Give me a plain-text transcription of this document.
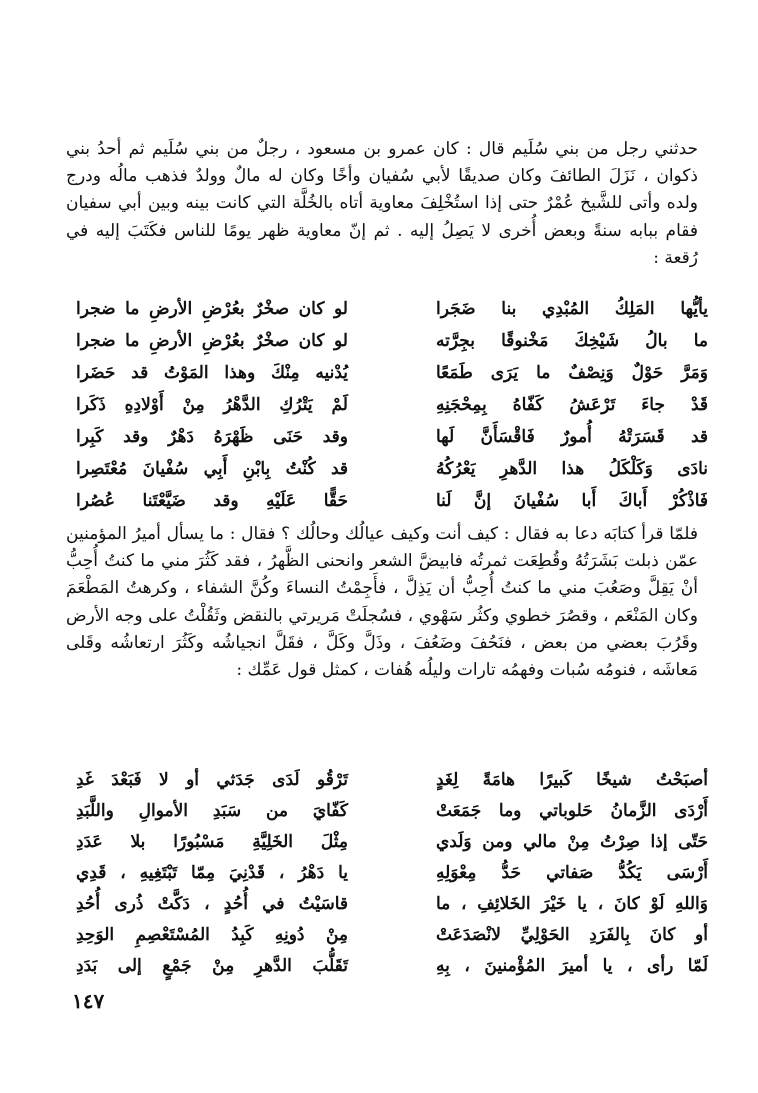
حدثني رجل من بني سُلَيم قال : كان عمرو بن مسعود ، رجلٌ من بني سُلَيم ثم أحدُ بني ذكوان ، نَزَلَ الطائفَ وكان صديقًا لأبي سُفيان وأخًا وكان له مالٌ وولدٌ فذهب مالُه ودرج ولده وأتى للشَّيخ عُمْرٌ حتى إذا استُخْلِفَ معاوية أتاه بالخُلَّة التي كانت بينه وبين أبي سفيان فقام ببابه سنةً وبعض أُخرى لا يَصِلُ إليه . ثم إنّ معاوية ظهر يومًا للناس فكَتَبَ إليه في رُقعة :
يأيُّها المَلِكُ المُبْدِي بنا ضَجَرا
لو كان صخْرٌ بعُرْضِ الأرضِ ما ضجرا
ما بالُ شَيْخِكَ مَخْنوقًا بجِرَّته
لو كان صخْرٌ بعُرْضِ الأرضِ ما ضجرا
وَمَرَّ حَوْلٌ وَنِصْفٌ ما يَرَى طَمَعًا
يُدْنيه مِنْكَ وهذا المَوْتُ قد حَضَرا
قَدْ جاءَ تَرْعَشُ كَفّاهُ بِمِحْجَنِهِ
لَمْ يَتْرُكِ الدَّهْرُ مِنْ أَوْلادِهِ ذَكَرا
قد قَسَرَتْهُ أُمورٌ فَاقْسَأَنَّ لَها
وقد حَنَى ظَهْرَهُ دَهْرٌ وقد كَبِرا
نادَى وَكَلْكَلُ هذا الدَّهرِ يَعْرُكُهُ
قد كُنْتُ بِابْنِ أَبِي سُفْيانَ مُعْتَصِرا
فَاذْكُرْ أَباكَ أَبا سُفْيانَ إنَّ لَنا
حَقًّا عَلَيْهِ وقد ضَيَّعْتَنا عُصُرا
فلمّا قرأ كتابَه دعا به فقال : كيف أنت وكيف عيالُك وحالُك ؟ فقال : ما يسأل أميرُ المؤمنين عمّن ذبلت بَشَرَتُهُ وقُطِعَت ثمرتُه فابيضَّ الشعر وانحنى الظَّهرُ ، فقد كَثُرَ مني ما كنتُ أُحِبُّ أنْ يَقِلَّ وصَعُبَ مني ما كنتُ أُحِبُّ أن يَذِلَّ ، فأَجِمْتُ النساءَ وكُنَّ الشفاء ، وكرهتُ المَطْعَمَ وكان المَنْعَم ، وقصُرَ خطوي وكثُر سَهْوي ، فسُجلَتْ مَريرتي بالنقض وثَقُلْتُ على وجه الأرض وقَرُبَ بعضي من بعض ، فنَحُفَ وضَعُفَ ، وذَلَّ وكَلَّ ، فقَلَّ انجياشُه وكَثُرَ ارتعاشُه وقَلى مَعاشَه ، فنومُه سُبات وفهمُه تارات وليلُه هُفات ، كمثل قول عَمِّك :
أصبَحْتُ شيخًا كَبيرًا هامَةً لِغَدٍ
تَرْقُو لَدَى جَدَثي أو لا فَبَعْدَ غَدِ
أَرْدَى الزَّمانُ حَلوباتي وما جَمَعَتْ
كَفّايَ من سَبَدِ الأموالِ واللَّبَدِ
حَتّى إذا صِرْتُ مِنْ مالي ومن وَلَدي
مِثْلَ الخَلِيَّةِ مَسْبُورًا بلا عَدَدِ
أَرْسَى يَكُدُّ صَفاتي حَدُّ مِعْوَلِهِ
يا دَهْرُ ، قَدْنِيَ مِمّا تَبْتَغِيهِ ، قَدِي
وَاللهِ لَوْ كانَ ، يا خَيْرَ الخَلائِفِ ، ما
قاسَيْتُ في أُحُدٍ ، دَكَّتْ ذُرى أُحُدِ
أو كانَ بِالفَرَدِ الحَوْلِيِّ لانْصَدَعَتْ
مِنْ دُونِهِ كَبِدُ المُسْتَعْصِمِ الوَحِدِ
لَمّا رأى ، يا أميرَ المُؤْمنينَ ، بِهِ
تَقَلُّبَ الدَّهرِ مِنْ جَمْعٍ إلى بَدَدِ
١٤٧
